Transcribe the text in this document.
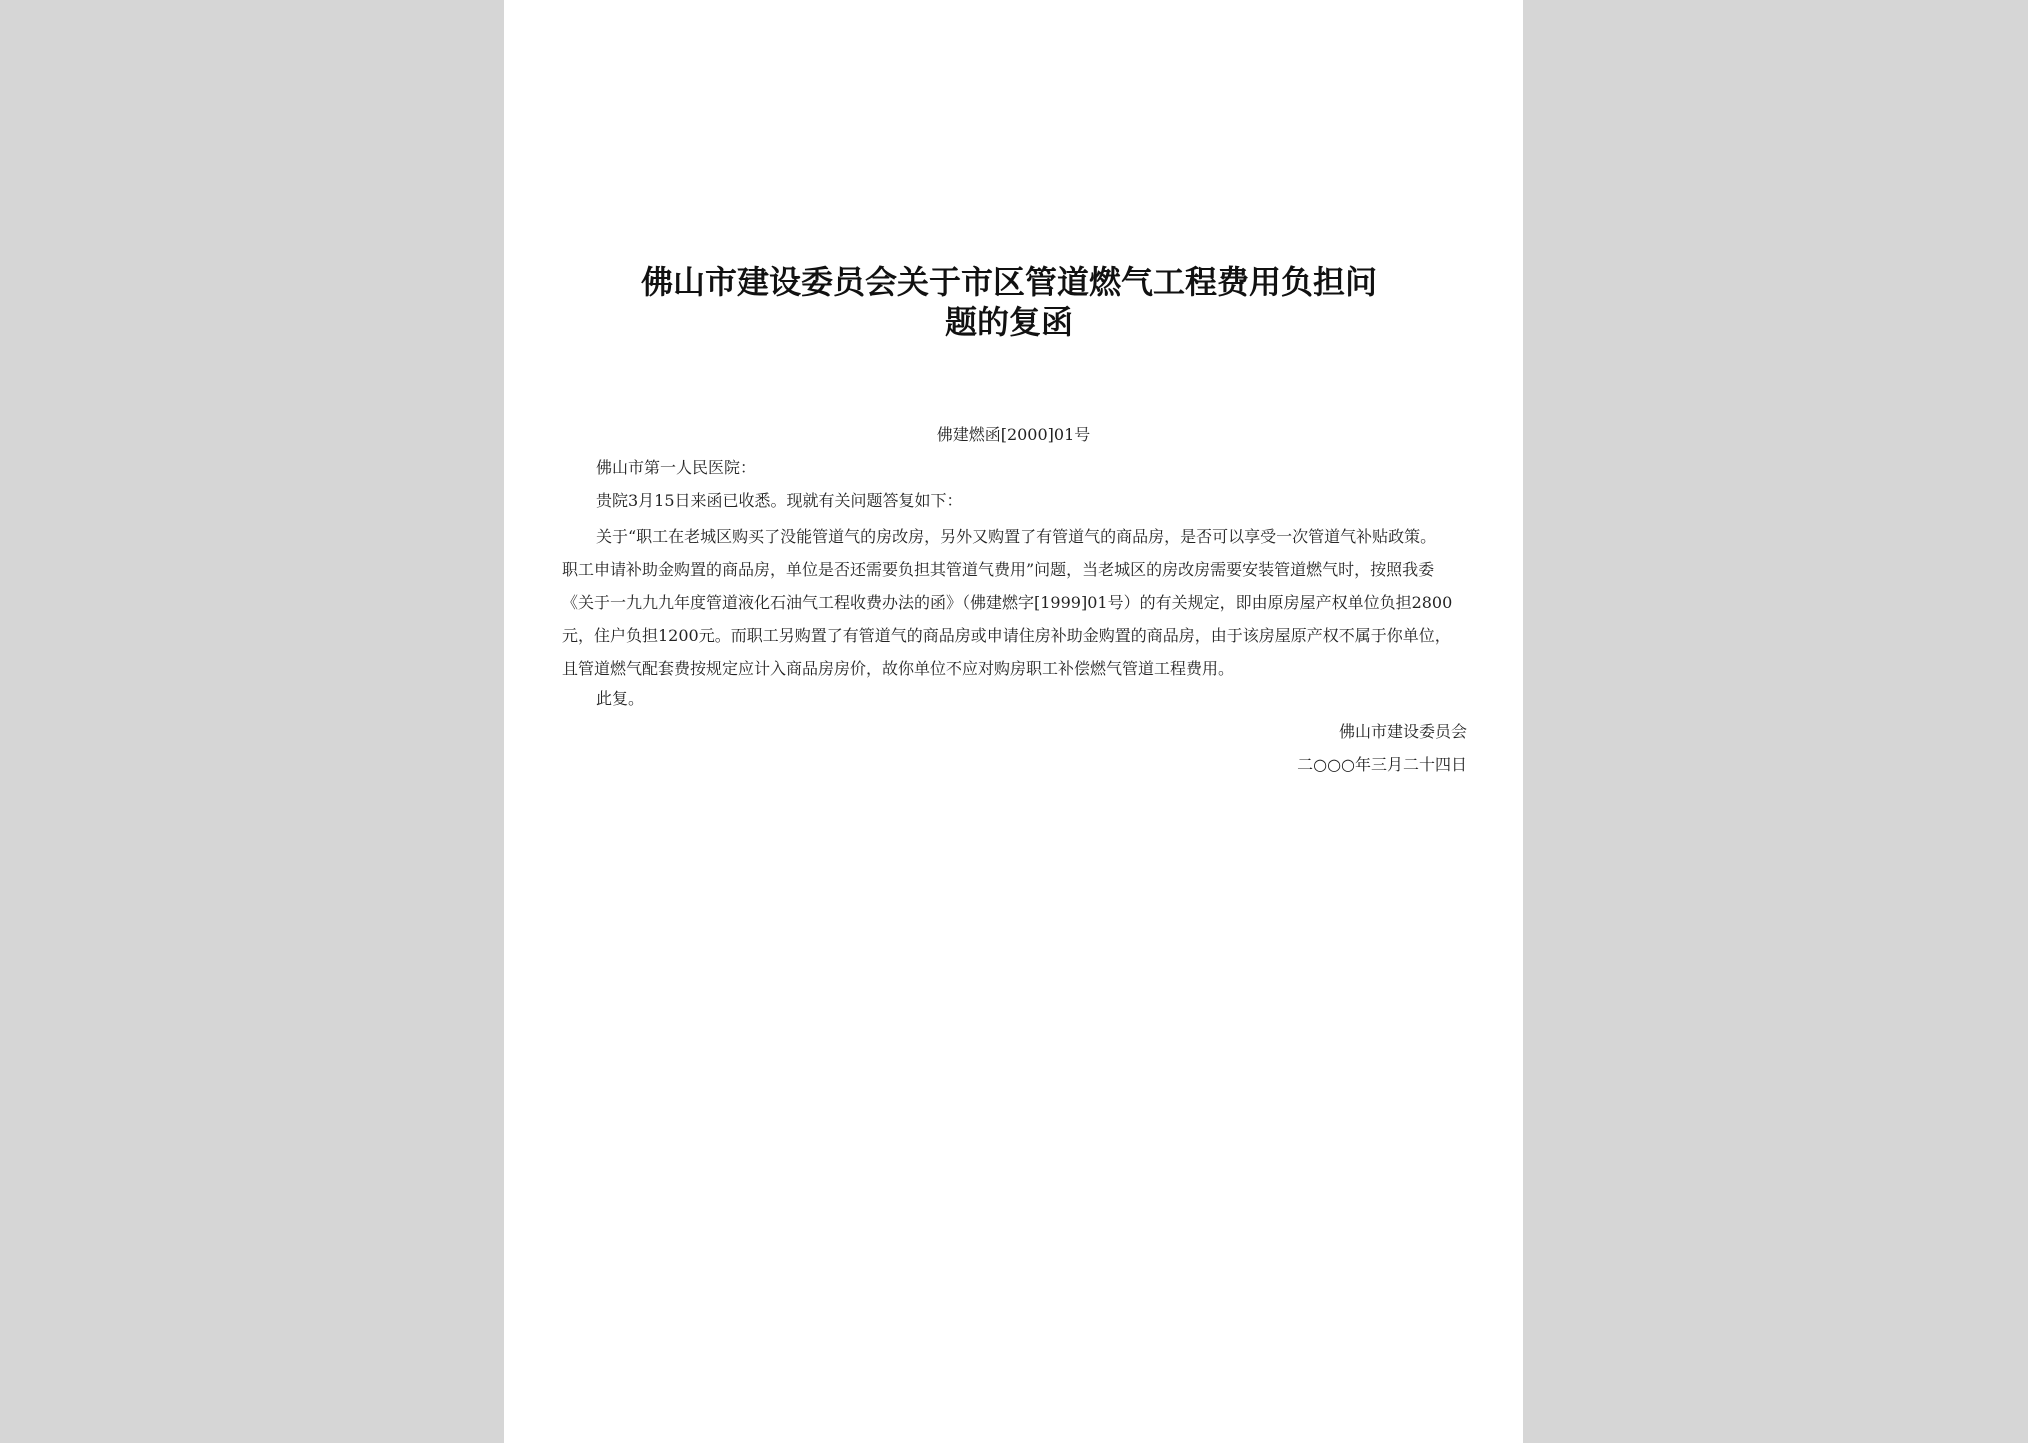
佛山市建设委员会关于市区管道燃气工程费用负担问
题的复函
佛建燃函[2000]01号
佛山市第一人民医院：
贵院3月15日来函已收悉。现就有关问题答复如下：
关于“职工在老城区购买了没能管道气的房改房，另外又购置了有管道气的商品房，是否可以享受一次管道气补贴政策。
职工申请补助金购置的商品房，单位是否还需要负担其管道气费用”问题，当老城区的房改房需要安装管道燃气时，按照我委
《关于一九九九年度管道液化石油气工程收费办法的函》（佛建燃字[1999]01号）的有关规定，即由原房屋产权单位负担2800
元，住户负担1200元。而职工另购置了有管道气的商品房或申请住房补助金购置的商品房，由于该房屋原产权不属于你单位，
且管道燃气配套费按规定应计入商品房房价，故你单位不应对购房职工补偿燃气管道工程费用。
此复。
佛山市建设委员会
二○○○年三月二十四日
